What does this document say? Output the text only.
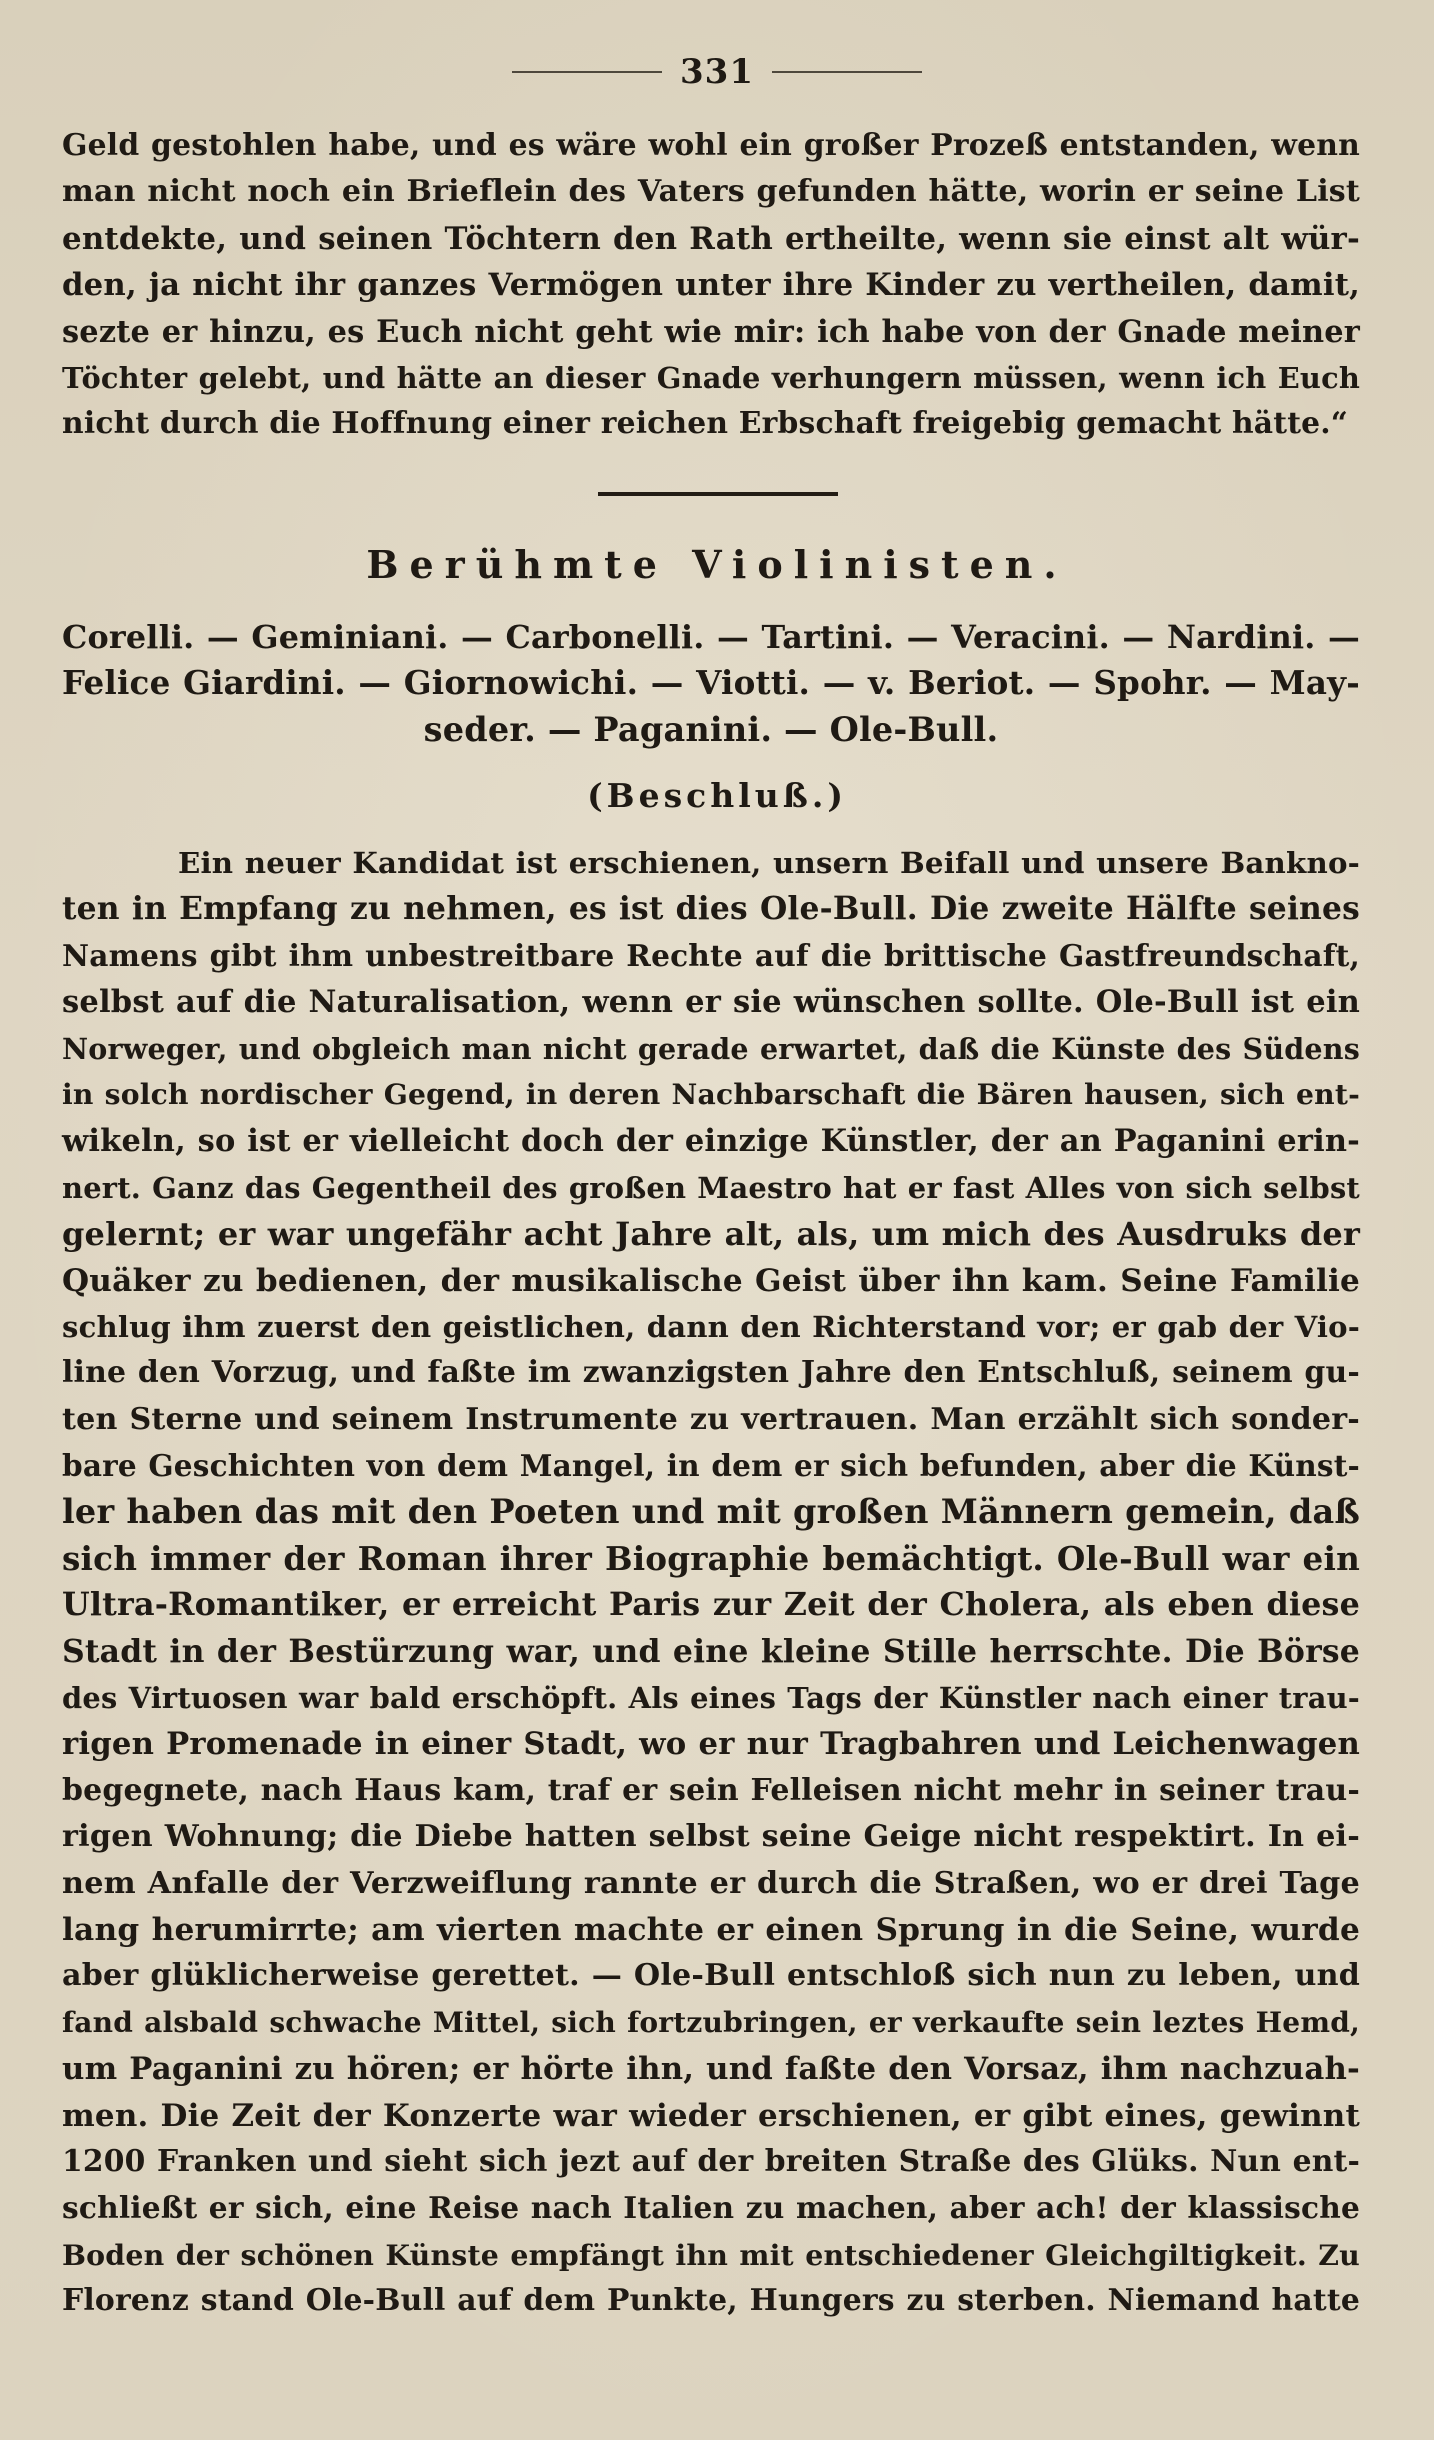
331
Geld gestohlen habe, und es wäre wohl ein großer Prozeß entstanden, wenn
man nicht noch ein Brieflein des Vaters gefunden hätte, worin er seine List
entdekte, und seinen Töchtern den Rath ertheilte, wenn sie einst alt wür-
den, ja nicht ihr ganzes Vermögen unter ihre Kinder zu vertheilen, damit,
sezte er hinzu, es Euch nicht geht wie mir: ich habe von der Gnade meiner
Töchter gelebt, und hätte an dieser Gnade verhungern müssen, wenn ich Euch
nicht durch die Hoffnung einer reichen Erbschaft freigebig gemacht hätte.“
Berühmte Violinisten.
Corelli. — Geminiani. — Carbonelli. — Tartini. — Veracini. — Nardini. —
Felice Giardini. — Giornowichi. — Viotti. — v. Beriot. — Spohr. — May-
seder. — Paganini. — Ole-Bull.
(Beschluß.)
Ein neuer Kandidat ist erschienen, unsern Beifall und unsere Bankno-
ten in Empfang zu nehmen, es ist dies Ole-Bull. Die zweite Hälfte seines
Namens gibt ihm unbestreitbare Rechte auf die brittische Gastfreundschaft,
selbst auf die Naturalisation, wenn er sie wünschen sollte. Ole-Bull ist ein
Norweger, und obgleich man nicht gerade erwartet, daß die Künste des Südens
in solch nordischer Gegend, in deren Nachbarschaft die Bären hausen, sich ent-
wikeln, so ist er vielleicht doch der einzige Künstler, der an Paganini erin-
nert. Ganz das Gegentheil des großen Maestro hat er fast Alles von sich selbst
gelernt; er war ungefähr acht Jahre alt, als, um mich des Ausdruks der
Quäker zu bedienen, der musikalische Geist über ihn kam. Seine Familie
schlug ihm zuerst den geistlichen, dann den Richterstand vor; er gab der Vio-
line den Vorzug, und faßte im zwanzigsten Jahre den Entschluß, seinem gu-
ten Sterne und seinem Instrumente zu vertrauen. Man erzählt sich sonder-
bare Geschichten von dem Mangel, in dem er sich befunden, aber die Künst-
ler haben das mit den Poeten und mit großen Männern gemein, daß
sich immer der Roman ihrer Biographie bemächtigt. Ole-Bull war ein
Ultra-Romantiker, er erreicht Paris zur Zeit der Cholera, als eben diese
Stadt in der Bestürzung war, und eine kleine Stille herrschte. Die Börse
des Virtuosen war bald erschöpft. Als eines Tags der Künstler nach einer trau-
rigen Promenade in einer Stadt, wo er nur Tragbahren und Leichenwagen
begegnete, nach Haus kam, traf er sein Felleisen nicht mehr in seiner trau-
rigen Wohnung; die Diebe hatten selbst seine Geige nicht respektirt. In ei-
nem Anfalle der Verzweiflung rannte er durch die Straßen, wo er drei Tage
lang herumirrte; am vierten machte er einen Sprung in die Seine, wurde
aber glüklicherweise gerettet. — Ole-Bull entschloß sich nun zu leben, und
fand alsbald schwache Mittel, sich fortzubringen, er verkaufte sein leztes Hemd,
um Paganini zu hören; er hörte ihn, und faßte den Vorsaz, ihm nachzuah-
men. Die Zeit der Konzerte war wieder erschienen, er gibt eines, gewinnt
1200 Franken und sieht sich jezt auf der breiten Straße des Glüks. Nun ent-
schließt er sich, eine Reise nach Italien zu machen, aber ach! der klassische
Boden der schönen Künste empfängt ihn mit entschiedener Gleichgiltigkeit. Zu
Florenz stand Ole-Bull auf dem Punkte, Hungers zu sterben. Niemand hatte
